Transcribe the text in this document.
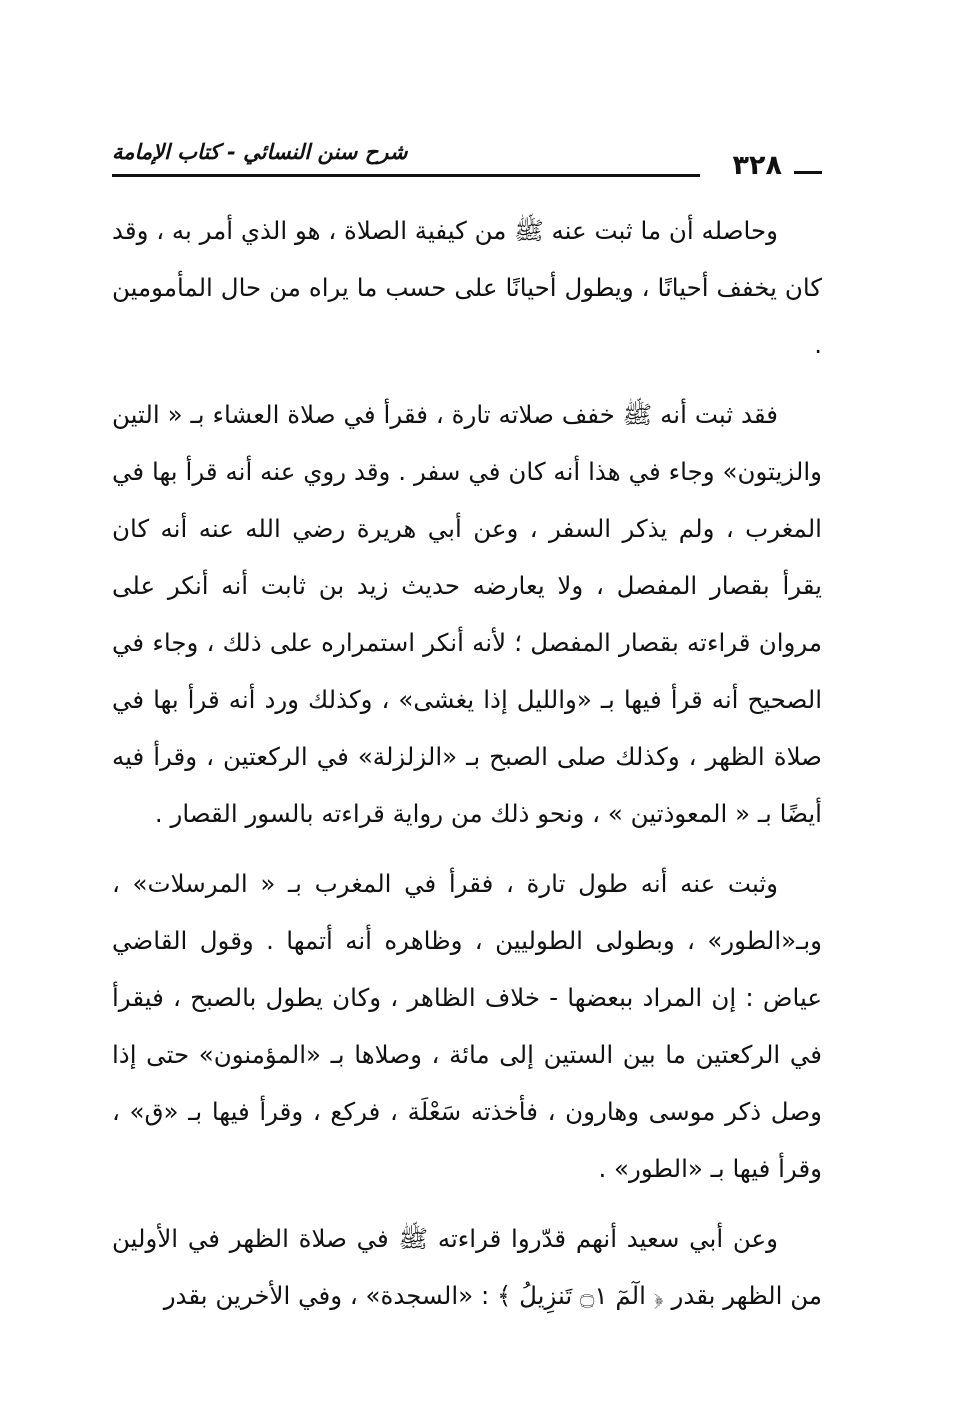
٣٢٨
شرح سنن النسائي - كتاب الإمامة

وحاصله أن ما ثبت عنه ﷺ من كيفية الصلاة ، هو الذي أمر به ، وقد كان يخفف أحيانًا ، ويطول أحيانًا على حسب ما يراه من حال المأمومين .

فقد ثبت أنه ﷺ خفف صلاته تارة ، فقرأ في صلاة العشاء بـ « التين والزيتون» وجاء في هذا أنه كان في سفر . وقد روي عنه أنه قرأ بها في المغرب ، ولم يذكر السفر ، وعن أبي هريرة رضي الله عنه أنه كان يقرأ بقصار المفصل ، ولا يعارضه حديث زيد بن ثابت أنه أنكر على مروان قراءته بقصار المفصل ؛ لأنه أنكر استمراره على ذلك ، وجاء في الصحيح أنه قرأ فيها بـ «والليل إذا يغشى» ، وكذلك ورد أنه قرأ بها في صلاة الظهر ، وكذلك صلى الصبح بـ «الزلزلة» في الركعتين ، وقرأ فيه أيضًا بـ « المعوذتين » ، ونحو ذلك من رواية قراءته بالسور القصار .

وثبت عنه أنه طول تارة ، فقرأ في المغرب بـ « المرسلات» ، وبـ«الطور» ، وبطولى الطوليين ، وظاهره أنه أتمها . وقول القاضي عياض : إن المراد ببعضها - خلاف الظاهر ، وكان يطول بالصبح ، فيقرأ في الركعتين ما بين الستين إلى مائة ، وصلاها بـ «المؤمنون» حتى إذا وصل ذكر موسى وهارون ، فأخذته سَعْلَة ، فركع ، وقرأ فيها بـ «ق» ، وقرأ فيها بـ «الطور» .

وعن أبي سعيد أنهم قدّروا قراءته ﷺ في صلاة الظهر في الأولين من الظهر بقدر ﴿ الٓمٓ ۝١ تَنزِيلُ ﴾ : «السجدة» ، وفي الأخرين بقدر
